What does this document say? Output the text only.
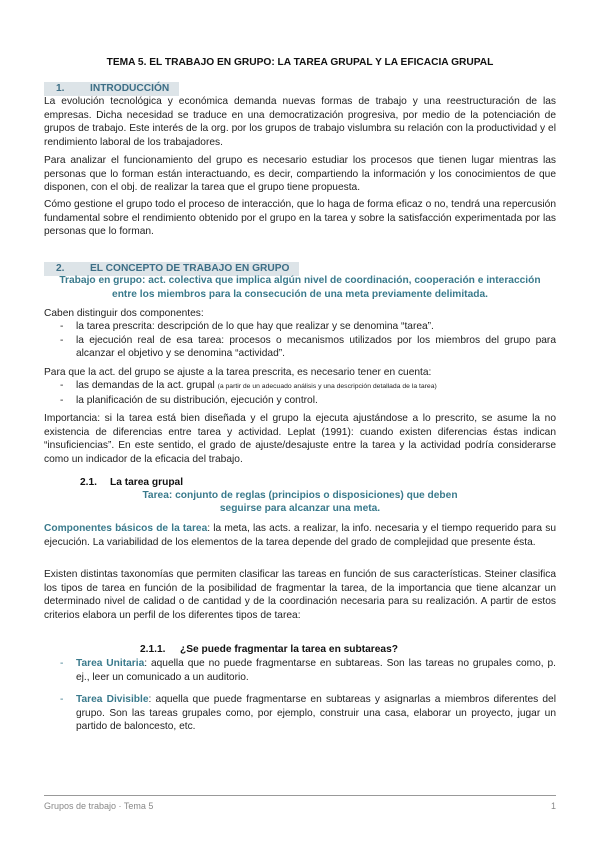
TEMA 5. EL TRABAJO EN GRUPO: LA TAREA GRUPAL Y LA EFICACIA GRUPAL
1.	INTRODUCCIÓN

La evolución tecnológica y económica demanda nuevas formas de trabajo y una reestructuración de las empresas. Dicha necesidad se traduce en una democratización progresiva, por medio de la potenciación de grupos de trabajo. Este interés de la org. por los grupos de trabajo vislumbra su relación con la productividad y el rendimiento laboral de los trabajadores.

Para analizar el funcionamiento del grupo es necesario estudiar los procesos que tienen lugar mientras las personas que lo forman están interactuando, es decir, compartiendo la información y los conocimientos de que disponen, con el obj. de realizar la tarea que el grupo tiene propuesta.

Cómo gestione el grupo todo el proceso de interacción, que lo haga de forma eficaz o no, tendrá una repercusión fundamental sobre el rendimiento obtenido por el grupo en la tarea y sobre la satisfacción experimentada por las personas que lo forman.

2.	EL CONCEPTO DE TRABAJO EN GRUPO
Trabajo en grupo: act. colectiva que implica algún nivel de coordinación, cooperación e interacción entre los miembros para la consecución de una meta previamente delimitada.

Caben distinguir dos componentes:

- la tarea prescrita: descripción de lo que hay que realizar y se denomina “tarea”.
- la ejecución real de esa tarea: procesos o mecanismos utilizados por los miembros del grupo para alcanzar el objetivo y se denomina “actividad”.

Para que la act. del grupo se ajuste a la tarea prescrita, es necesario tener en cuenta:

- las demandas de la act. grupal (a partir de un adecuado análisis y una descripción detallada de la tarea)
- la planificación de su distribución, ejecución y control.

Importancia: si la tarea está bien diseñada y el grupo la ejecuta ajustándose a lo prescrito, se asume la no existencia de diferencias entre tarea y actividad. Leplat (1991): cuando existen diferencias éstas indican “insuficiencias”. En este sentido, el grado de ajuste/desajuste entre la tarea y la actividad podría considerarse como un indicador de la eficacia del trabajo.

2.1. La tarea grupal
Tarea: conjunto de reglas (principios o disposiciones) que deben
seguirse para alcanzar una meta.

Componentes básicos de la tarea: la meta, las acts. a realizar, la info. necesaria y el tiempo requerido para su ejecución. La variabilidad de los elementos de la tarea depende del grado de complejidad que presente ésta.

Existen distintas taxonomías que permiten clasificar las tareas en función de sus características. Steiner clasifica los tipos de tarea en función de la posibilidad de fragmentar la tarea, de la importancia que tiene alcanzar un determinado nivel de calidad o de cantidad y de la coordinación necesaria para su realización. A partir de estos criterios elabora un perfil de los diferentes tipos de tarea:

2.1.1. ¿Se puede fragmentar la tarea en subtareas?
- Tarea Unitaria: aquella que no puede fragmentarse en subtareas. Son las tareas no grupales como, p. ej., leer un comunicado a un auditorio.
- Tarea Divisible: aquella que puede fragmentarse en subtareas y asignarlas a miembros diferentes del grupo. Son las tareas grupales como, por ejemplo, construir una casa, elaborar un proyecto, jugar un partido de baloncesto, etc.
Grupos de trabajo · Tema 5	1
